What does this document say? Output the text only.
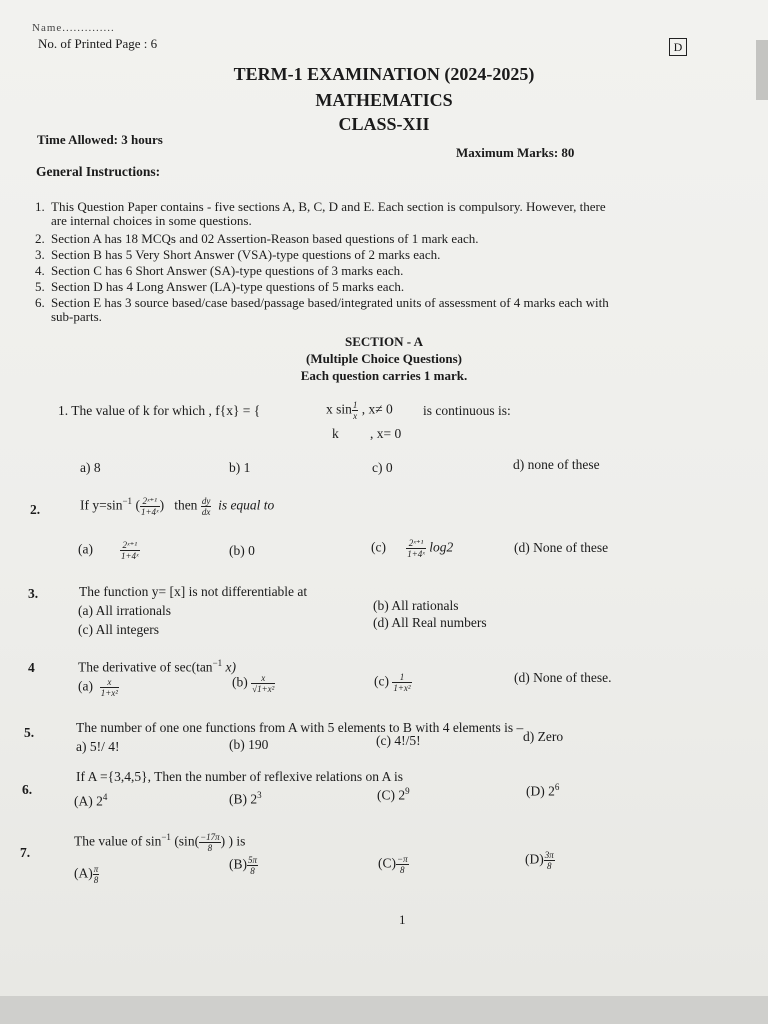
Name..............
No. of Printed Page : 6	D
TERM-1 EXAMINATION (2024-2025)
MATHEMATICS
CLASS-XII
Time Allowed: 3 hours
Maximum Marks: 80
General Instructions:
1. This Question Paper contains - five sections A, B, C, D and E. Each section is compulsory. However, there
are internal choices in some questions.
2. Section A has 18 MCQs and 02 Assertion-Reason based questions of 1 mark each.
3. Section B has 5 Very Short Answer (VSA)-type questions of 2 marks each.
4. Section C has 6 Short Answer (SA)-type questions of 3 marks each.
5. Section D has 4 Long Answer (LA)-type questions of 5 marks each.
6. Section E has 3 source based/case based/passage based/integrated units of assessment of 4 marks each with
sub-parts.
SECTION - A
(Multiple Choice Questions)
Each question carries 1 mark.
1. The value of k for which , f{x} = {	x $\sin \frac{1}{x}$ , x≠ 0 is continuous is:
k , x= 0
a) 8	b) 1	c) 0	d) none of these
2.	If $y=\sin^{-1}$ ( $\frac{\text{2ˣ⁺¹}}{\text{1+4ˣ}}$ )   then $\frac{dy}{dx}$ is equal to
(a)	$\frac{\text{2ˣ⁺¹}}{\text{1+4ˣ}}$	(b) 0	$(c) \frac{\text{2ˣ⁺¹}}{\text{1+4ˣ}} \log 2$	(d) None of these
3.	The function y= [x] is not differentiable at
(a) All irrationals	(b) All rationals
(c) All integers	(d) All Real numbers
4	The derivative of $\sec(\tan^{-1}$ x)
$(a) \frac{x}{\text{1+x²}}$	$(b) \frac{x}{\text{√1+x²}}$	$(c) \frac{1}{\text{1+x²}}$	(d) None of these.
5.	The number of one one functions from A with 5 elements to B with 4 elements is –
a) 5!/ 4!	(b) 190	(c) 4!/5!	d) Zero
6.
If A ={3,4,5}, Then the number of reflexive relations on A is
(A) $2^4$	(B) $2^3$	(C) $2^9$	(D) $2^6$
7.
The value of $\sin^{-1} (\sin( \frac{-17\pi}{8}$ ) ) is
$(A) \frac{\pi}{8}$	$(B) \frac{5\pi}{8}$	$(C) \frac{-\pi}{8}$	$(D) \frac{3\pi}{8}$
1
